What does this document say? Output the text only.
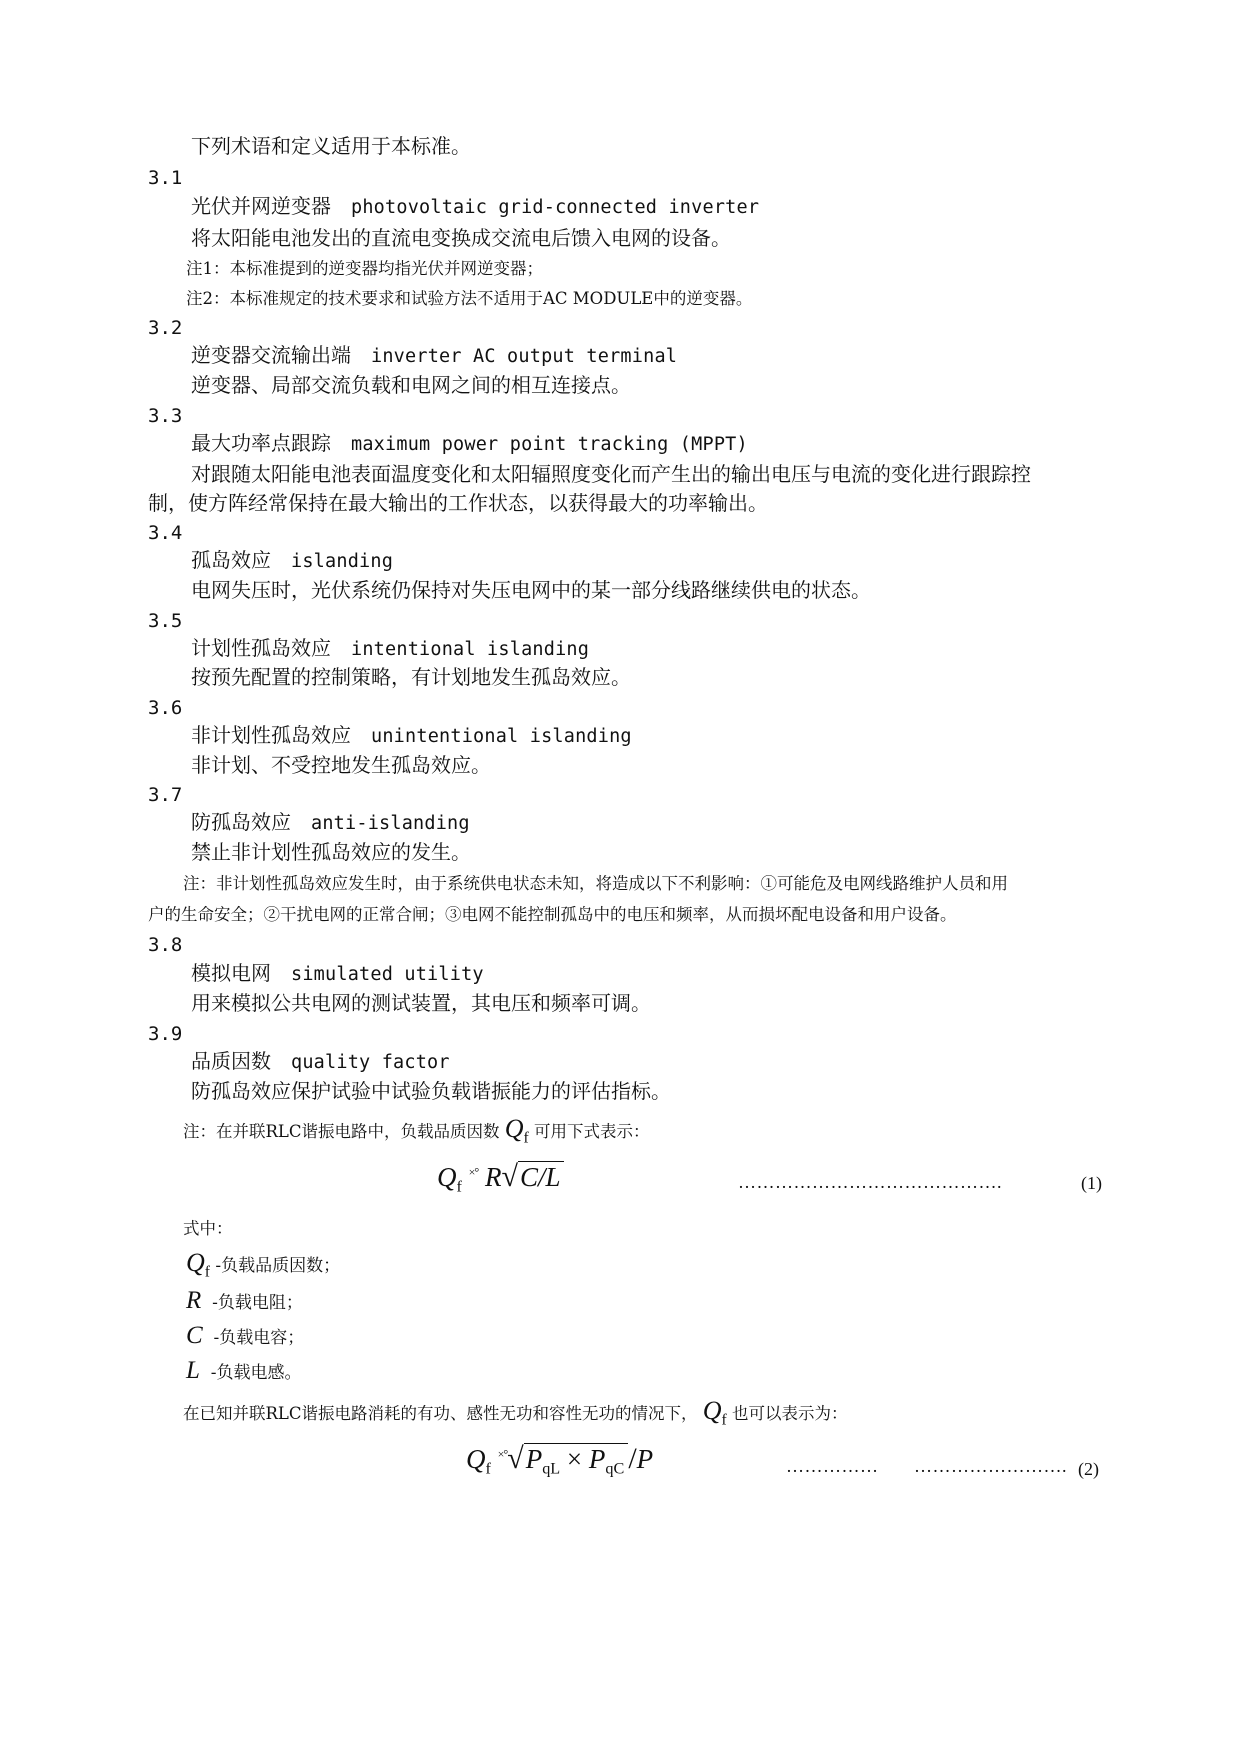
下列术语和定义适用于本标准。
3.1
光伏并网逆变器 photovoltaic grid-connected inverter
将太阳能电池发出的直流电变换成交流电后馈入电网的设备。
注1：本标准提到的逆变器均指光伏并网逆变器；
注2：本标准规定的技术要求和试验方法不适用于AC MODULE中的逆变器。
3.2
逆变器交流输出端 inverter AC output terminal
逆变器、局部交流负载和电网之间的相互连接点。
3.3
最大功率点跟踪 maximum power point tracking (MPPT)
对跟随太阳能电池表面温度变化和太阳辐照度变化而产生出的输出电压与电流的变化进行跟踪控
制，使方阵经常保持在最大输出的工作状态，以获得最大的功率输出。
3.4
孤岛效应 islanding
电网失压时，光伏系统仍保持对失压电网中的某一部分线路继续供电的状态。
3.5
计划性孤岛效应 intentional islanding
按预先配置的控制策略，有计划地发生孤岛效应。
3.6
非计划性孤岛效应 unintentional islanding
非计划、不受控地发生孤岛效应。
3.7
防孤岛效应 anti-islanding
禁止非计划性孤岛效应的发生。
注：非计划性孤岛效应发生时，由于系统供电状态未知，将造成以下不利影响：①可能危及电网线路维护人员和用
户的生命安全；②干扰电网的正常合闸；③电网不能控制孤岛中的电压和频率，从而损坏配电设备和用户设备。
3.8
模拟电网 simulated utility
用来模拟公共电网的测试装置，其电压和频率可调。
3.9
品质因数 quality factor
防孤岛效应保护试验中试验负载谐振能力的评估指标。
注：在并联RLC谐振电路中，负载品质因数 $Q_f$ 可用下式表示：
$Q_f$ ×° R√C/L	…………………………………….	(1)
式中：
$Q_f$ -负载品质因数；
R -负载电阻；
C -负载电容；
L -负载电感。
在已知并联RLC谐振电路消耗的有功、感性无功和容性无功的情况下， $Q_f$ 也可以表示为：
$Q_f$ $^{\times^\circ}√P_{qL} \times P_{qC}$ /P	…………… ……………………. (2)
